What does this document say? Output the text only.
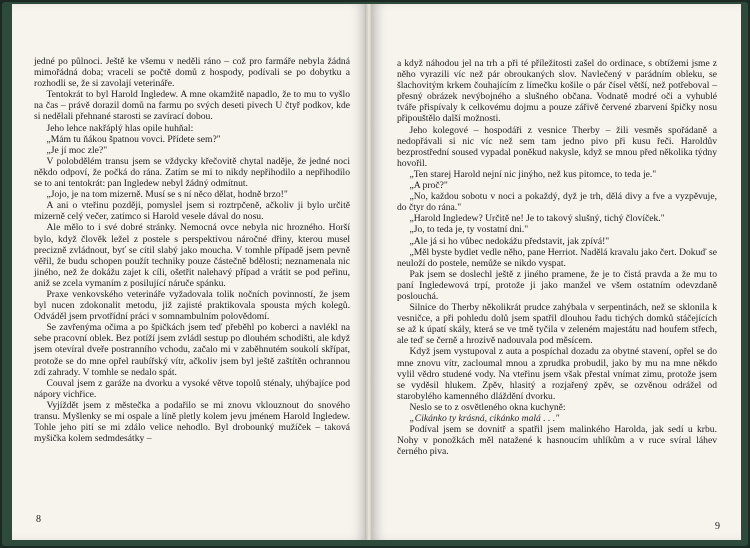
jedné po půlnoci. Ještě ke všemu v neděli ráno – což pro farmáře nebyla žádná mimořádná doba; vraceli se počtě domů z hospody, podívali se po dobytku a rozhodli se, že si zavolají veterináře.

Tentokrát to byl Harold Ingledew. A mne okamžitě napadlo, že to mu to vyšlo na čas – právě dorazil domů na farmu po svých deseti pivech U čtyř podkov, kde si nedělali přehnané starosti se zavírací dobou.

Jeho lehce nakřáplý hlas opile huhňal:

„Mám tu ňákou špatnou vovci. Přídete sem?"

„Je jí moc zle?"

V polobdělém transu jsem se vždycky křečovitě chytal naděje, že jedné noci někdo odpoví, že počká do rána. Zatím se mi to nikdy nepřihodilo a nepřihodilo se to ani tentokrát: pan Ingledew nebyl žádný odmítnut.

„Jojo, je na tom mizerně. Musí se s ní něco dělat, hodně brzo!"

A ani o vteřinu později, pomyslel jsem si roztrpčeně, ačkoliv ji bylo určitě mizerně celý večer, zatímco si Harold vesele dával do nosu.

Ale mělo to i své dobré stránky. Nemocná ovce nebyla nic hrozného. Horší bylo, když člověk ležel z postele s perspektivou náročné dřiny, kterou musel precizně zvládnout, byť se cítil slabý jako moucha. V tomhle případě jsem pevně věřil, že budu schopen použít techniky pouze částečně bdělosti; neznamenala nic jiného, než že dokážu zajet k cíli, ošetřit nalehavý případ a vrátit se pod peřinu, aniž se zcela vymaním z posilující náruče spánku.

Praxe venkovského veterináře vyžadovala tolik nočních povinností, že jsem byl nucen zdokonalit metodu, již zajisté praktikovala spousta mých kolegů. Odváděl jsem prvotřídní práci v somnambulním polovědomí.

Se zavřenýma očima a po špičkách jsem teď přeběhl po koberci a navlékl na sebe pracovní oblek. Bez potíží jsem zvládl sestup po dlouhém schodišti, ale když jsem otevíral dveře postranního vchodu, začalo mi v zaběhnutém soukolí skřípat, protože se do mne opřel raubířský vítr, ačkoliv jsem byl ještě zaštítěn ochrannou zdí zahrady. V tomhle se nedalo spát.

Couval jsem z garáže na dvorku a vysoké větve topolů sténaly, uhýbajíce pod nápory vichřice.

Vyjíždět jsem z městečka a podařilo se mi znovu vklouznout do snového transu. Myšlenky se mi ospale a líně pletly kolem jevu jménem Harold Ingledew. Tohle jeho pití se mi zdálo velice nehodlo. Byl drobounký mužíček – taková myšička kolem sedmdesátky –

8

a když náhodou jel na trh a při té příležitosti zašel do ordinace, s obtížemi jsme z něho vyrazili víc než pár obroukaných slov. Navlečený v parádním obleku, se šlachovitým krkem čouhajícím z límečku košile o pár čísel větší, než potřeboval – přesný obrázek nevýbojného a slušného občana. Vodnatě modré oči a vyhublé tváře přispívaly k celkovému dojmu a pouze zářivě červené zbarvení špičky nosu připouštělo další možnosti.

Jeho kolegové – hospodáři z vesnice Therby – žili vesměs spořádaně a nedopřávali si nic víc než sem tam jedno pivo při kusu řeči. Haroldův bezprostřední soused vypadal poněkud nakysle, když se mnou před několika týdny hovořil.

„Ten starej Harold nejní nic jinýho, než kus pitomce, to teda je."

„A proč?"

„No, každou sobotu v noci a pokaždý, dyž je trh, dělá divy a fve a vyzpěvuje, do čtyr do rána."

„Harold Ingledew? Určitě ne! Je to takový slušný, tichý človíček."

„Jo, to teda je, ty vostatní dni."

„Ale já si ho vůbec nedokážu představit, jak zpívá!"

„Měl byste bydlet vedle něho, pane Herriot. Nadělá kravalu jako čert. Dokuď se neuloží do postele, nemůže se nikdo vyspat.

Pak jsem se doslechl ještě z jiného pramene, že je to čistá pravda a že mu to paní Ingledewová trpí, protože ji jako manžel ve všem ostatním odevzdaně poslouchá.

Silnice do Therby několikrát prudce zahýbala v serpentinách, než se sklonila k vesničce, a při pohledu dolů jsem spatřil dlouhou řadu tichých domků stáčejících se až k úpatí skály, která se ve tmě tyčila v zeleném majestátu nad houfem střech, ale teď se černě a hrozivě nadouvala pod měsícem.

Když jsem vystupoval z auta a pospíchal dozadu za obytné stavení, opřel se do mne znovu vítr, zacloumal mnou a zprudka probudil, jako by mu na mne někdo vylil vědro studené vody. Na vteřinu jsem však přestal vnímat zimu, protože jsem se vyděsil hlukem. Zpěv, hlasitý a rozjařený zpěv, se ozvěnou odrážel od starobylého kamenného dláždění dvorku.

Neslo se to z osvětleného okna kuchyně:

„Cikánko ty krásná, cikánko malá . . ."

Podíval jsem se dovnitř a spatřil jsem malinkého Harolda, jak sedí u krbu. Nohy v ponožkách měl natažené k hasnoucím uhlíkům a v ruce svíral láhev černého piva.

9
